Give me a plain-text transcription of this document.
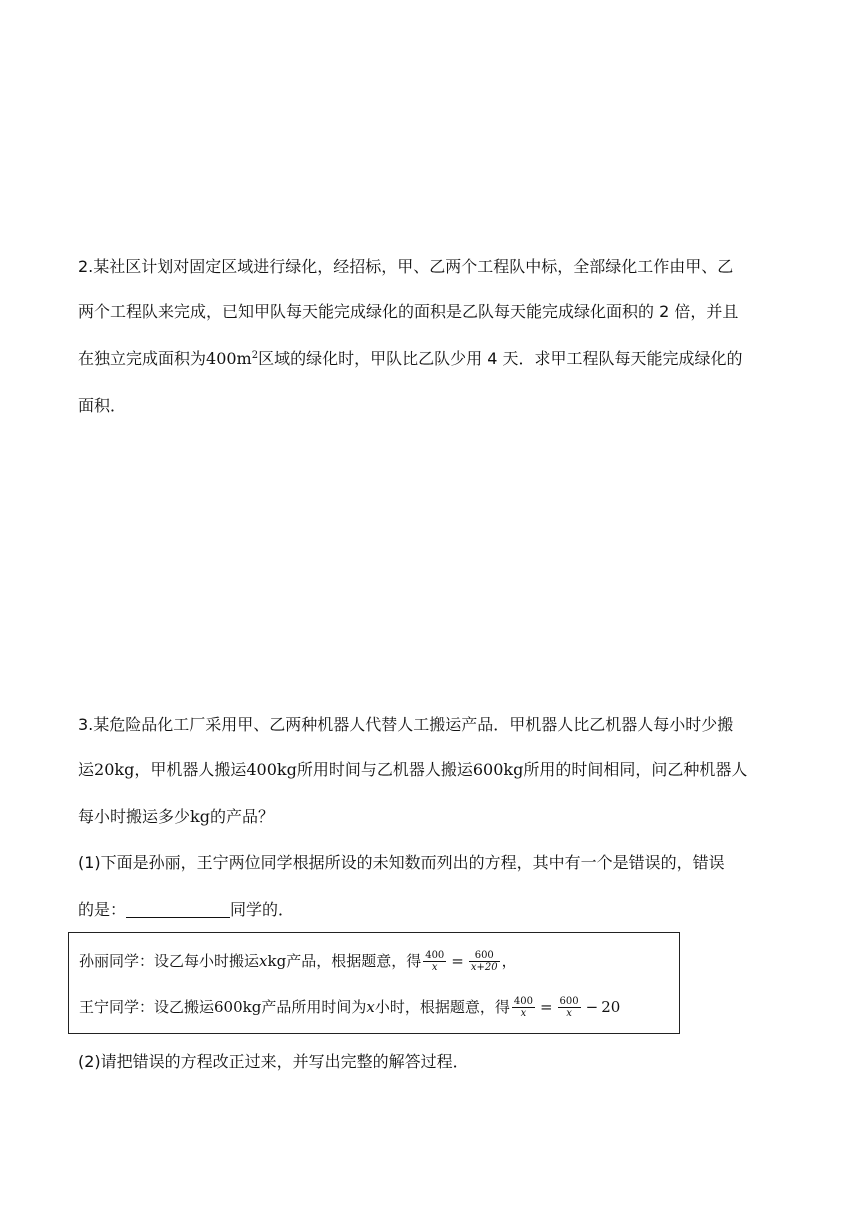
2.某社区计划对固定区域进行绿化，经招标，甲、乙两个工程队中标，全部绿化工作由甲、乙
两个工程队来完成，已知甲队每天能完成绿化的面积是乙队每天能完成绿化面积的 2 倍，并且
在独立完成面积为$400m^2$区域的绿化时，甲队比乙队少用 4 天．求甲工程队每天能完成绿化的
面积．
3.某危险品化工厂采用甲、乙两种机器人代替人工搬运产品．甲机器人比乙机器人每小时少搬
运20kg，甲机器人搬运400kg所用时间与乙机器人搬运600kg所用的时间相同，问乙种机器人
每小时搬运多少kg的产品？
(1)下面是孙丽，王宁两位同学根据所设的未知数而列出的方程，其中有一个是错误的，错误
的是：	同学的．
孙丽同学：设乙每小时搬运xkg产品，根据题意，得 $\frac{400}{x} = \frac{600}{x+20}$ ，
王宁同学：设乙搬运600kg产品所用时间为x小时，根据题意，得 $\frac{400}{x} = \frac{600}{x} - 20$
(2)请把错误的方程改正过来，并写出完整的解答过程．
